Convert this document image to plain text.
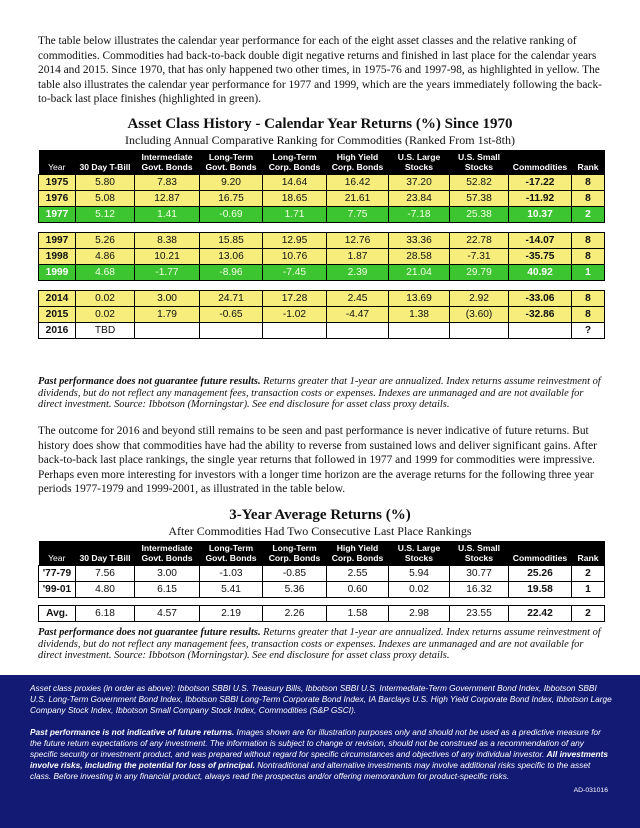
The table below illustrates the calendar year performance for each of the eight asset classes and the relative ranking of commodities. Commodities had back-to-back double digit negative returns and finished in last place for the calendar years 2014 and 2015. Since 1970, that has only happened two other times, in 1975-76 and 1997-98, as highlighted in yellow. The table also illustrates the calendar year performance for 1977 and 1999, which are the years immediately following the back-to-back last place finishes (highlighted in green).

Asset Class History - Calendar Year Returns (%) Since 1970

Including Annual Comparative Ranking for Commodities (Ranked From 1st-8th)

Year	30 Day T-Bill	Intermediate Govt. Bonds	Long-Term Govt. Bonds	Long-Term Corp. Bonds	High Yield Corp. Bonds	U.S. Large Stocks	U.S. Small Stocks	Commodities	Rank
1975	5.80	7.83	9.20	14.64	16.42	37.20	52.82	-17.22	8
1976	5.08	12.87	16.75	18.65	21.61	23.84	57.38	-11.92	8
1977	5.12	1.41	-0.69	1.71	7.75	-7.18	25.38	10.37	2

1997	5.26	8.38	15.85	12.95	12.76	33.36	22.78	-14.07	8
1998	4.86	10.21	13.06	10.76	1.87	28.58	-7.31	-35.75	8
1999	4.68	-1.77	-8.96	-7.45	2.39	21.04	29.79	40.92	1

2014	0.02	3.00	24.71	17.28	2.45	13.69	2.92	-33.06	8
2015	0.02	1.79	-0.65	-1.02	-4.47	1.38	(3.60)	-32.86	8
2016	TBD								?

Past performance does not guarantee future results. Returns greater that 1-year are annualized. Index returns assume reinvestment of dividends, but do not reflect any management fees, transaction costs or expenses. Indexes are unmanaged and are not available for direct investment. Source: Ibbotson (Morningstar). See end disclosure for asset class proxy details.

The outcome for 2016 and beyond still remains to be seen and past performance is never indicative of future returns. But history does show that commodities have had the ability to reverse from sustained lows and deliver significant gains. After back-to-back last place rankings, the single year returns that followed in 1977 and 1999 for commodities were impressive. Perhaps even more interesting for investors with a longer time horizon are the average returns for the following three year periods 1977-1979 and 1999-2001, as illustrated in the table below.

3-Year Average Returns (%)

After Commodities Had Two Consecutive Last Place Rankings

Year	30 Day T-Bill	Intermediate Govt. Bonds	Long-Term Govt. Bonds	Long-Term Corp. Bonds	High Yield Corp. Bonds	U.S. Large Stocks	U.S. Small Stocks	Commodities	Rank
'77-79	7.56	3.00	-1.03	-0.85	2.55	5.94	30.77	25.26	2
'99-01	4.80	6.15	5.41	5.36	0.60	0.02	16.32	19.58	1

Avg.	6.18	4.57	2.19	2.26	1.58	2.98	23.55	22.42	2

Past performance does not guarantee future results. Returns greater that 1-year are annualized. Index returns assume reinvestment of dividends, but do not reflect any management fees, transaction costs or expenses. Indexes are unmanaged and are not available for direct investment. Source: Ibbotson (Morningstar). See end disclosure for asset class proxy details.

Asset class proxies (in order as above): Ibbotson SBBI U.S. Treasury Bills, Ibbotson SBBI U.S. Intermediate-Term Government Bond Index, Ibbotson SBBI U.S. Long-Term Government Bond Index, Ibbotson SBBI Long-Term Corporate Bond Index, IA Barclays U.S. High Yield Corporate Bond Index, Ibbotson Large Company Stock Index, Ibbotson Small Company Stock Index, Commodities (S&P GSCI).

Past performance is not indicative of future returns. Images shown are for illustration purposes only and should not be used as a predictive measure for the future return expectations of any investment. The information is subject to change or revision, should not be construed as a recommendation of any specific security or investment product, and was prepared without regard for specific circumstances and objectives of any individual investor. All investments involve risks, including the potential for loss of principal. Nontraditional and alternative investments may involve additional risks specific to the asset class. Before investing in any financial product, always read the prospectus and/or offering memorandum for product-specific risks.

AD-031016
